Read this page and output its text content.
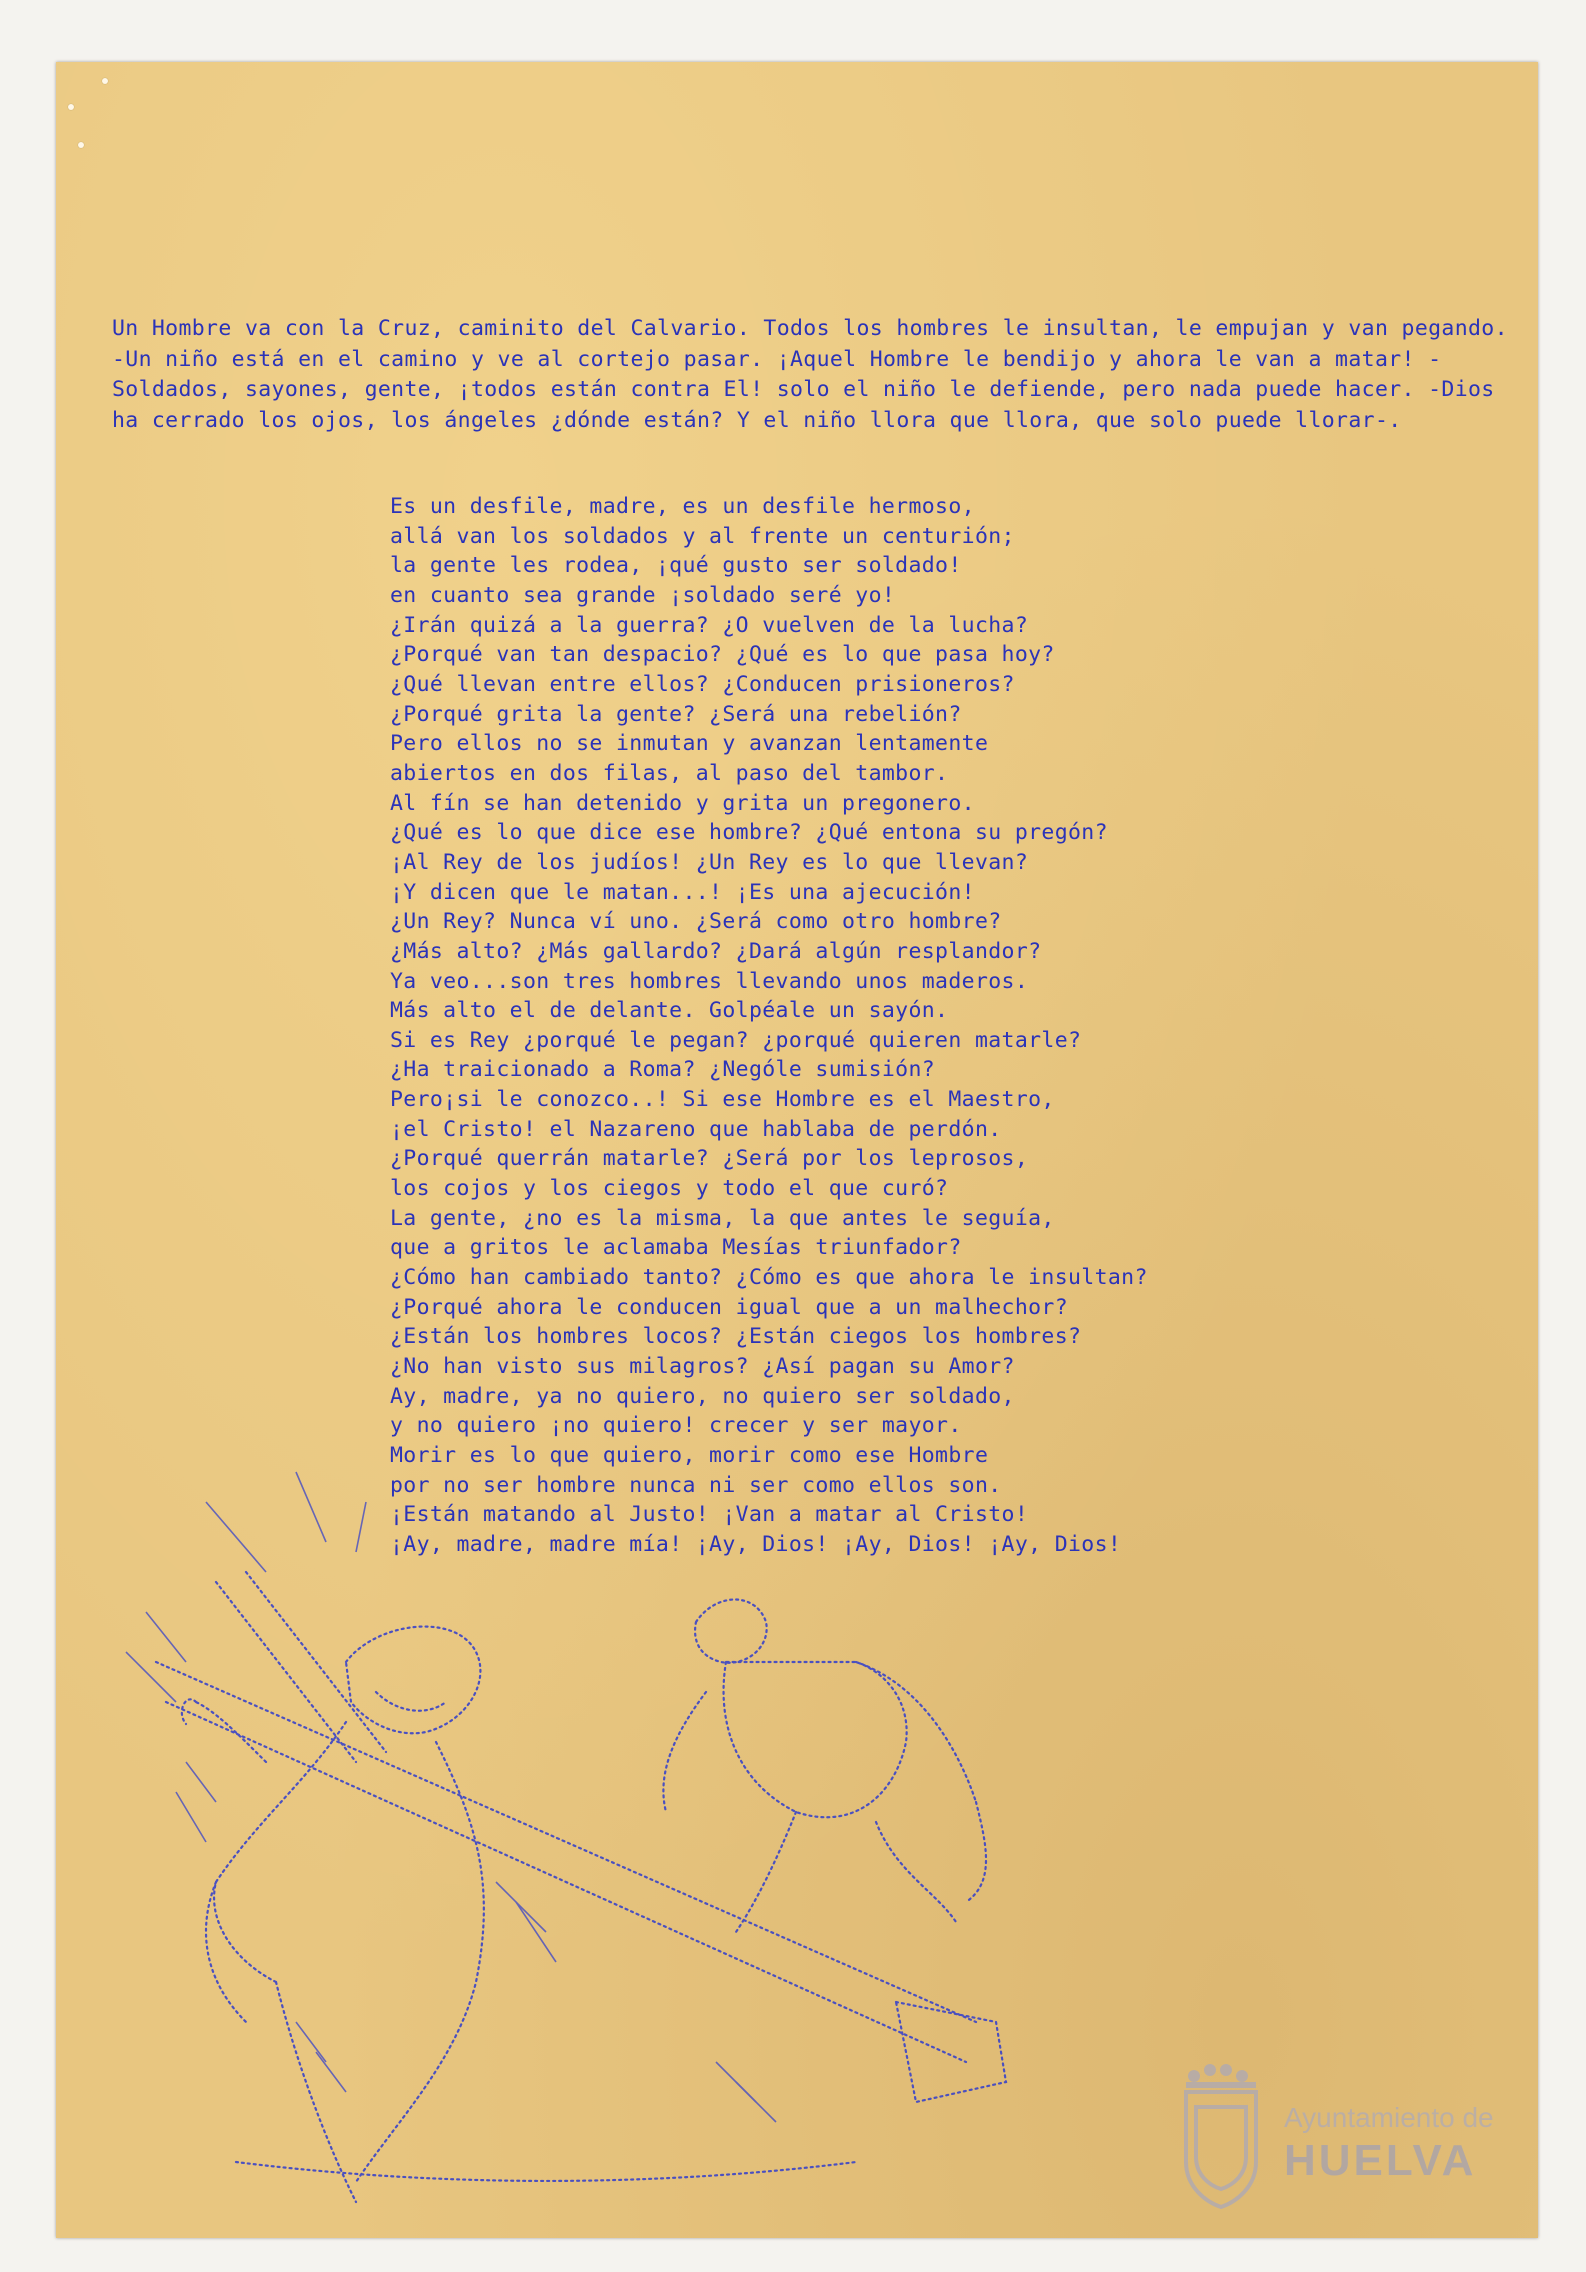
Un Hombre va con la Cruz, caminito del Calvario. Todos los hombres le insultan, le empujan y van pegando. -Un niño está en el camino y ve al cortejo pasar. ¡Aquel Hombre le bendijo y ahora le van a matar! -Soldados, sayones, gente, ¡todos están contra El! solo el niño le defiende, pero nada puede hacer. -Dios ha cerrado los ojos, los ángeles ¿dónde están? Y el niño llora que llora, que solo puede llorar-.

Es un desfile, madre, es un desfile hermoso,
allá van los soldados y al frente un centurión;
la gente les rodea, ¡qué gusto ser soldado!
en cuanto sea grande ¡soldado seré yo!
¿Irán quizá a la guerra? ¿O vuelven de la lucha?
¿Porqué van tan despacio? ¿Qué es lo que pasa hoy?
¿Qué llevan entre ellos? ¿Conducen prisioneros?
¿Porqué grita la gente? ¿Será una rebelión?
Pero ellos no se inmutan y avanzan lentamente
abiertos en dos filas, al paso del tambor.
Al fín se han detenido y grita un pregonero.
¿Qué es lo que dice ese hombre? ¿Qué entona su pregón?
¡Al Rey de los judíos! ¿Un Rey es lo que llevan?
¡Y dicen que le matan...! ¡Es una ajecución!
¿Un Rey? Nunca ví uno. ¿Será como otro hombre?
¿Más alto? ¿Más gallardo? ¿Dará algún resplandor?
Ya veo...son tres hombres llevando unos maderos.
Más alto el de delante. Golpéale un sayón.
Si es Rey ¿porqué le pegan? ¿porqué quieren matarle?
¿Ha traicionado a Roma? ¿Nególe sumisión?
Pero¡si le conozco..! Si ese Hombre es el Maestro,
¡el Cristo! el Nazareno que hablaba de perdón.
¿Porqué querrán matarle? ¿Será por los leprosos,
los cojos y los ciegos y todo el que curó?
La gente, ¿no es la misma, la que antes le seguía,
que a gritos le aclamaba Mesías triunfador?
¿Cómo han cambiado tanto? ¿Cómo es que ahora le insultan?
¿Porqué ahora le conducen igual que a un malhechor?
¿Están los hombres locos? ¿Están ciegos los hombres?
¿No han visto sus milagros? ¿Así pagan su Amor?
Ay, madre, ya no quiero, no quiero ser soldado,
y no quiero ¡no quiero! crecer y ser mayor.
Morir es lo que quiero, morir como ese Hombre
por no ser hombre nunca ni ser como ellos son.
¡Están matando al Justo! ¡Van a matar al Cristo!
¡Ay, madre, madre mía! ¡Ay, Dios! ¡Ay, Dios! ¡Ay, Dios!
Ayuntamiento de
HUELVA
